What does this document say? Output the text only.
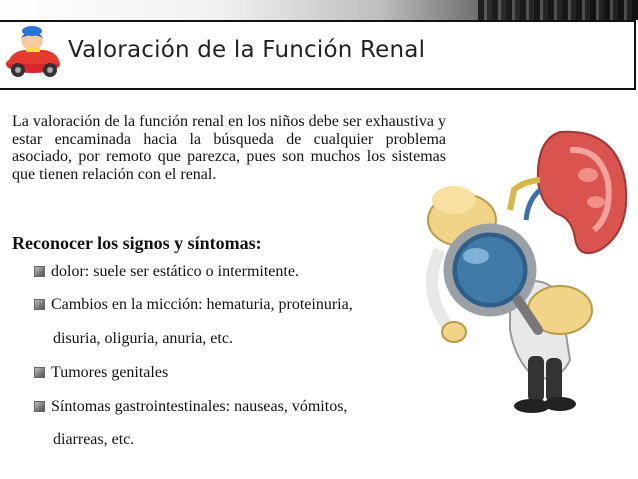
Valoración de la Función Renal
La valoración de la función renal en los niños debe ser exhaustiva y estar encaminada hacia la búsqueda de cualquier problema asociado, por remoto que parezca, pues son muchos los sistemas que tienen relación con el renal.
Reconocer los signos y síntomas:
dolor: suele ser estático o intermitente.
Cambios en la micción: hematuria, proteinuria,
disuria, oliguria, anuria, etc.
Tumores genitales
Síntomas gastrointestinales: nauseas, vómitos,
diarreas, etc.
